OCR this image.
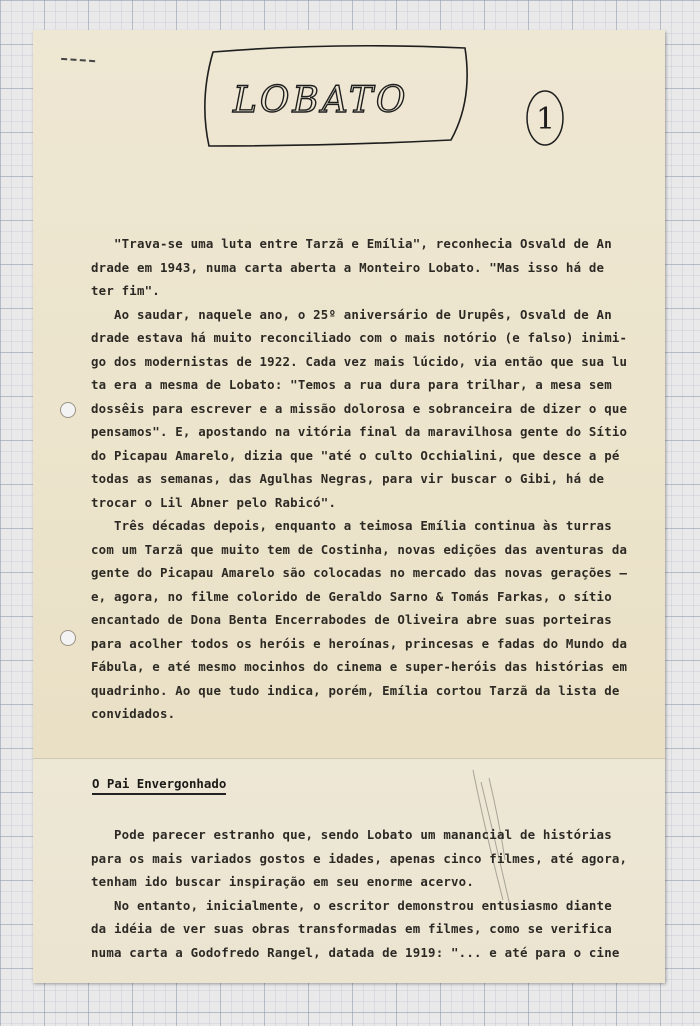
LOBATO	1

"Trava-se uma luta entre Tarzã e Emília", reconhecia Osvald de An

drade em 1943, numa carta aberta a Monteiro Lobato. "Mas isso há de

ter fim".

Ao saudar, naquele ano, o 25º aniversário de Urupês, Osvald de An

drade estava há muito reconciliado com o mais notório (e falso) inimi-

go dos modernistas de 1922. Cada vez mais lúcido, via então que sua lu

ta era a mesma de Lobato: "Temos a rua dura para trilhar, a mesa sem

dossêis para escrever e a missão dolorosa e sobranceira de dizer o que

pensamos". E, apostando na vitória final da maravilhosa gente do Sítio

do Picapau Amarelo, dizia que "até o culto Occhialini, que desce a pé

todas as semanas, das Agulhas Negras, para vir buscar o Gibi, há de

trocar o Lil Abner pelo Rabicó".

Três décadas depois, enquanto a teimosa Emília continua às turras

com um Tarzã que muito tem de Costinha, novas edições das aventuras da

gente do Picapau Amarelo são colocadas no mercado das novas gerações —

e, agora, no filme colorido de Geraldo Sarno & Tomás Farkas, o sítio

encantado de Dona Benta Encerrabodes de Oliveira abre suas porteiras

para acolher todos os heróis e heroínas, princesas e fadas do Mundo da

Fábula, e até mesmo mocinhos do cinema e super-heróis das histórias em

quadrinho. Ao que tudo indica, porém, Emília cortou Tarzã da lista de

convidados.

O Pai Envergonhado

Pode parecer estranho que, sendo Lobato um manancial de histórias

para os mais variados gostos e idades, apenas cinco filmes, até agora,

tenham ido buscar inspiração em seu enorme acervo.

No entanto, inicialmente, o escritor demonstrou entusiasmo diante

da idéia de ver suas obras transformadas em filmes, como se verifica

numa carta a Godofredo Rangel, datada de 1919: "... e até para o cine
